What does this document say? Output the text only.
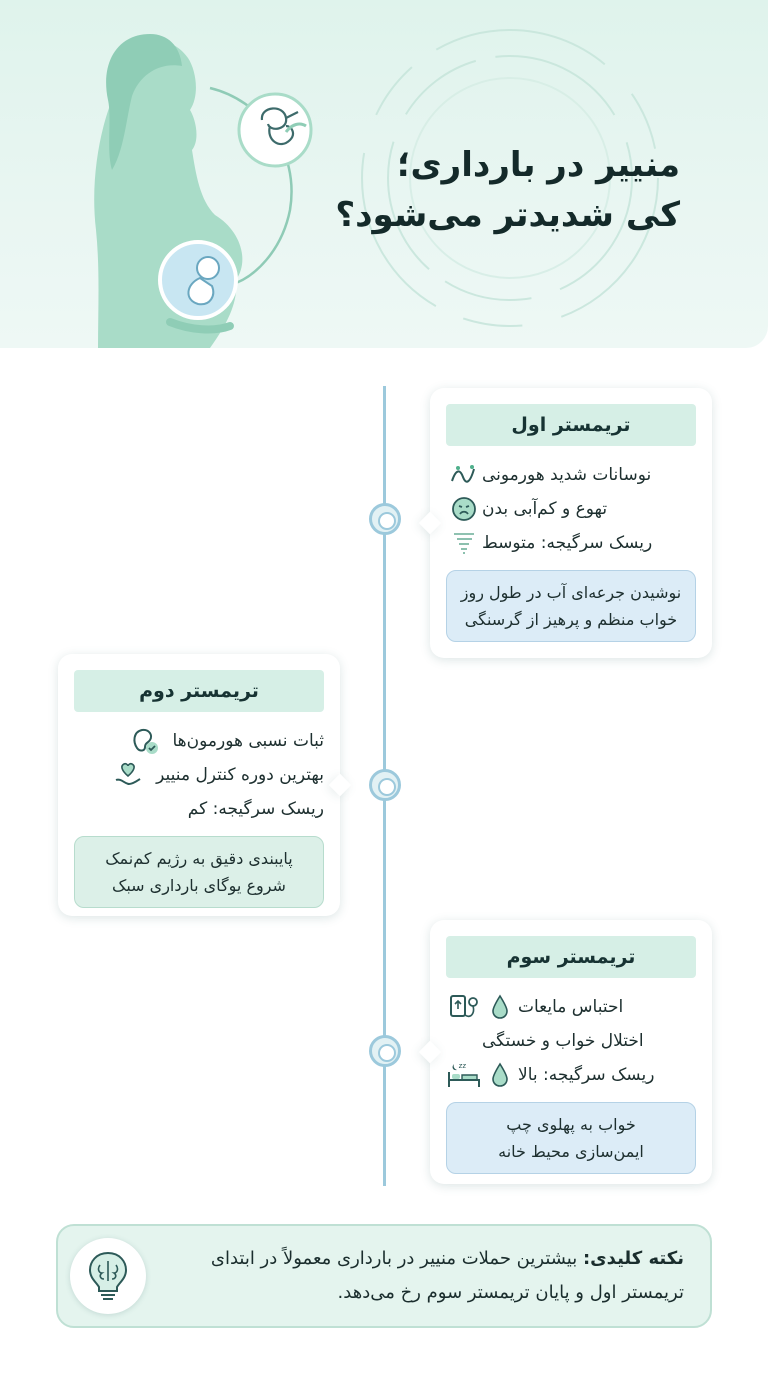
منییر در بارداری؛
کی شدیدتر می‌شود؟
تریمستر اول
نوسانات شدید هورمونی
تهوع و کم‌آبی بدن
ریسک سرگیجه: متوسط
نوشیدن جرعه‌ای آب در طول روز
خواب منظم و پرهیز از گرسنگی
تریمستر دوم
ثبات نسبی هورمون‌ها
بهترین دوره کنترل منییر
ریسک سرگیجه: کم
پایبندی دقیق به رژیم کم‌نمک
شروع یوگای بارداری سبک
تریمستر سوم
احتباس مایعات
اختلال خواب و خستگی
ریسک سرگیجه: بالا
zz
خواب به پهلوی چپ
ایمن‌سازی محیط خانه
نکته کلیدی: بیشترین حملات منییر در بارداری معمولاً در ابتدای تریمستر اول و پایان تریمستر سوم رخ می‌دهد.
